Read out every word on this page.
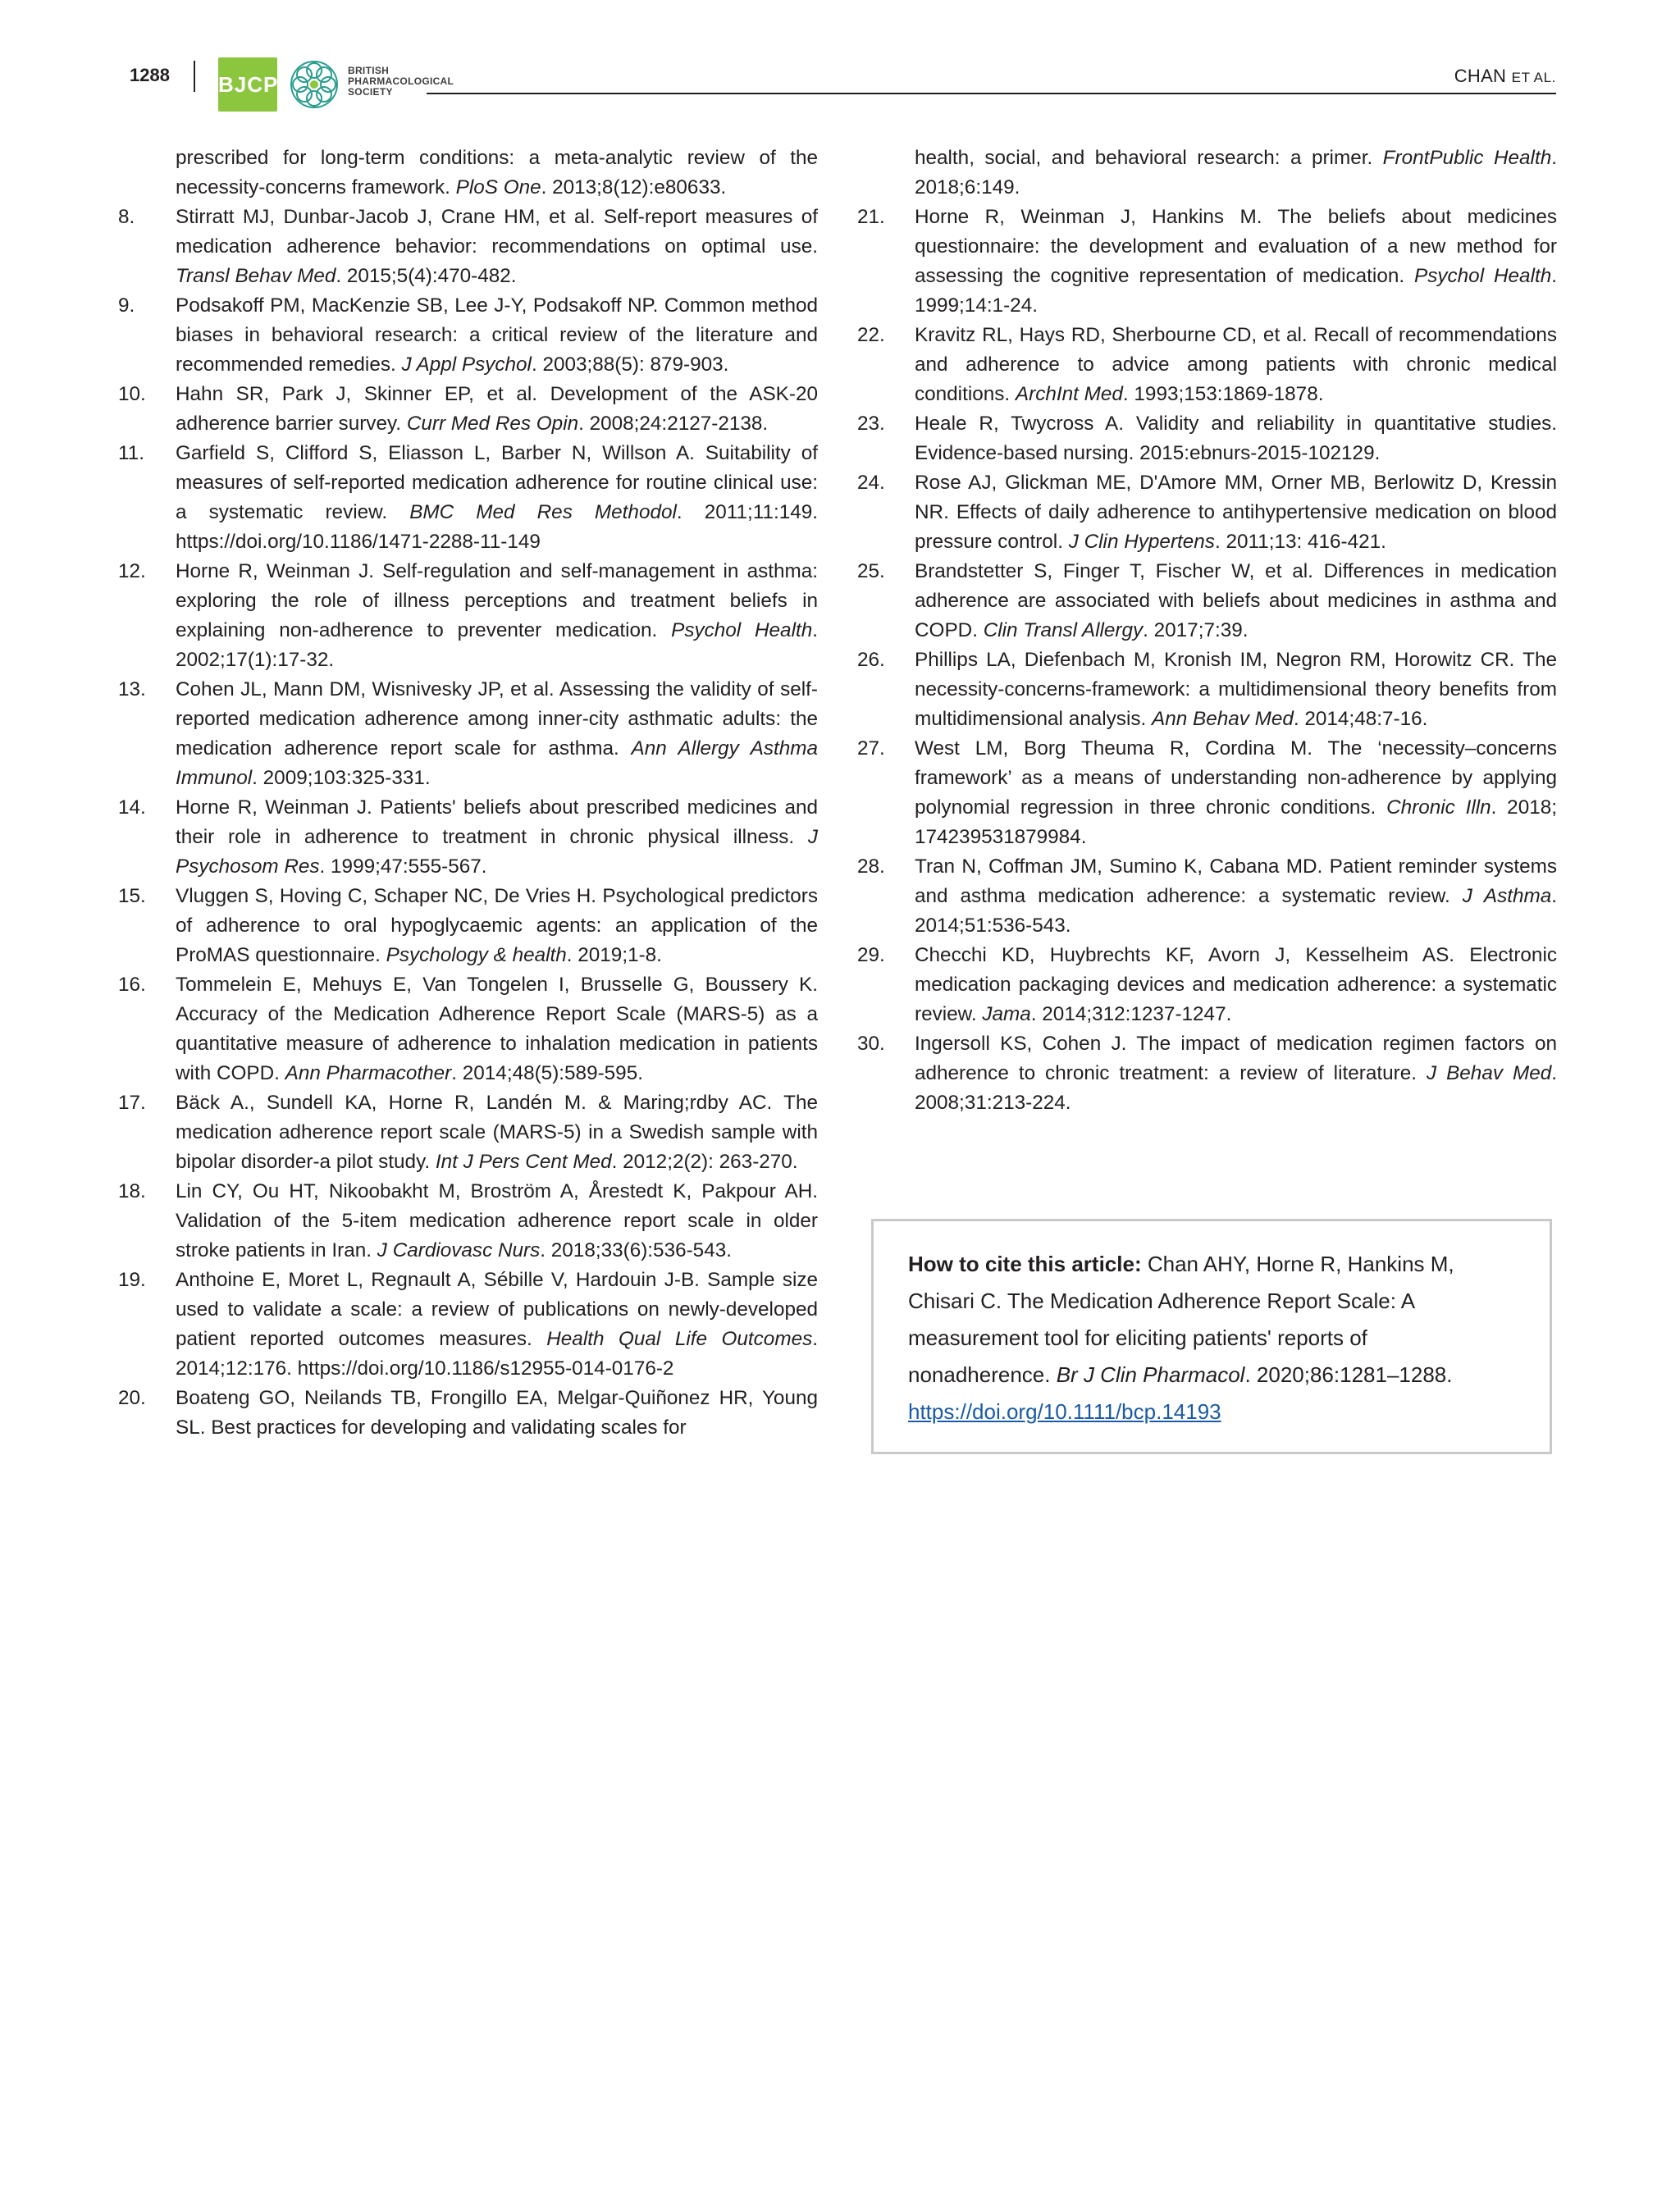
1288 BJCP
BRITISH
PHARMACOLOGICAL
SOCIETY
CHAN ET AL.
prescribed for long-term conditions: a meta-analytic review of the necessity-concerns framework. PloS One. 2013;8(12):e80633.
8.	Stirratt MJ, Dunbar-Jacob J, Crane HM, et al. Self-report measures of medication adherence behavior: recommendations on optimal use. Transl Behav Med. 2015;5(4):470-482.
9.	Podsakoff PM, MacKenzie SB, Lee J-Y, Podsakoff NP. Common method biases in behavioral research: a critical review of the literature and recommended remedies. J Appl Psychol. 2003;88(5): 879-903.
10.	Hahn SR, Park J, Skinner EP, et al. Development of the ASK-20 adherence barrier survey. Curr Med Res Opin. 2008;24:2127-2138.
11.	Garfield S, Clifford S, Eliasson L, Barber N, Willson A. Suitability of measures of self-reported medication adherence for routine clinical use: a systematic review. BMC Med Res Methodol. 2011;11:149. https://doi.org/10.1186/1471-2288-11-149
12.	Horne R, Weinman J. Self-regulation and self-management in asthma: exploring the role of illness perceptions and treatment beliefs in explaining non-adherence to preventer medication. Psychol Health. 2002;17(1):17-32.
13.	Cohen JL, Mann DM, Wisnivesky JP, et al. Assessing the validity of self-reported medication adherence among inner-city asthmatic adults: the medication adherence report scale for asthma. Ann Allergy Asthma Immunol. 2009;103:325-331.
14.	Horne R, Weinman J. Patients' beliefs about prescribed medicines and their role in adherence to treatment in chronic physical illness. J Psychosom Res. 1999;47:555-567.
15.	Vluggen S, Hoving C, Schaper NC, De Vries H. Psychological predictors of adherence to oral hypoglycaemic agents: an application of the ProMAS questionnaire. Psychology & health. 2019;1-8.
16.	Tommelein E, Mehuys E, Van Tongelen I, Brusselle G, Boussery K. Accuracy of the Medication Adherence Report Scale (MARS-5) as a quantitative measure of adherence to inhalation medication in patients with COPD. Ann Pharmacother. 2014;48(5):589-595.
17.	Bäck A., Sundell KA, Horne R, Landén M. & Maring;rdby AC. The medication adherence report scale (MARS-5) in a Swedish sample with bipolar disorder-a pilot study. Int J Pers Cent Med. 2012;2(2): 263-270.
18.	Lin CY, Ou HT, Nikoobakht M, Broström A, Årestedt K, Pakpour AH. Validation of the 5-item medication adherence report scale in older stroke patients in Iran. J Cardiovasc Nurs. 2018;33(6):536-543.
19.	Anthoine E, Moret L, Regnault A, Sébille V, Hardouin J-B. Sample size used to validate a scale: a review of publications on newly-developed patient reported outcomes measures. Health Qual Life Outcomes. 2014;12:176. https://doi.org/10.1186/s12955-014-0176-2
20.	Boateng GO, Neilands TB, Frongillo EA, Melgar-Quiñonez HR, Young SL. Best practices for developing and validating scales for
health, social, and behavioral research: a primer. FrontPublic Health. 2018;6:149.
21.	Horne R, Weinman J, Hankins M. The beliefs about medicines questionnaire: the development and evaluation of a new method for assessing the cognitive representation of medication. Psychol Health. 1999;14:1-24.
22.	Kravitz RL, Hays RD, Sherbourne CD, et al. Recall of recommendations and adherence to advice among patients with chronic medical conditions. ArchInt Med. 1993;153:1869-1878.
23.	Heale R, Twycross A. Validity and reliability in quantitative studies. Evidence-based nursing. 2015:ebnurs-2015-102129.
24.	Rose AJ, Glickman ME, D'Amore MM, Orner MB, Berlowitz D, Kressin NR. Effects of daily adherence to antihypertensive medication on blood pressure control. J Clin Hypertens. 2011;13: 416-421.
25.	Brandstetter S, Finger T, Fischer W, et al. Differences in medication adherence are associated with beliefs about medicines in asthma and COPD. Clin Transl Allergy. 2017;7:39.
26.	Phillips LA, Diefenbach M, Kronish IM, Negron RM, Horowitz CR. The necessity-concerns-framework: a multidimensional theory benefits from multidimensional analysis. Ann Behav Med. 2014;48:7-16.
27.	West LM, Borg Theuma R, Cordina M. The ‘necessity–concerns framework’ as a means of understanding non-adherence by applying polynomial regression in three chronic conditions. Chronic Illn. 2018; 174239531879984.
28.	Tran N, Coffman JM, Sumino K, Cabana MD. Patient reminder systems and asthma medication adherence: a systematic review. J Asthma. 2014;51:536-543.
29.	Checchi KD, Huybrechts KF, Avorn J, Kesselheim AS. Electronic medication packaging devices and medication adherence: a systematic review. Jama. 2014;312:1237-1247.
30.	Ingersoll KS, Cohen J. The impact of medication regimen factors on adherence to chronic treatment: a review of literature. J Behav Med. 2008;31:213-224.
How to cite this article: Chan AHY, Horne R, Hankins M, Chisari C. The Medication Adherence Report Scale: A measurement tool for eliciting patients' reports of nonadherence. Br J Clin Pharmacol. 2020;86:1281–1288.
https://doi.org/10.1111/bcp.14193
